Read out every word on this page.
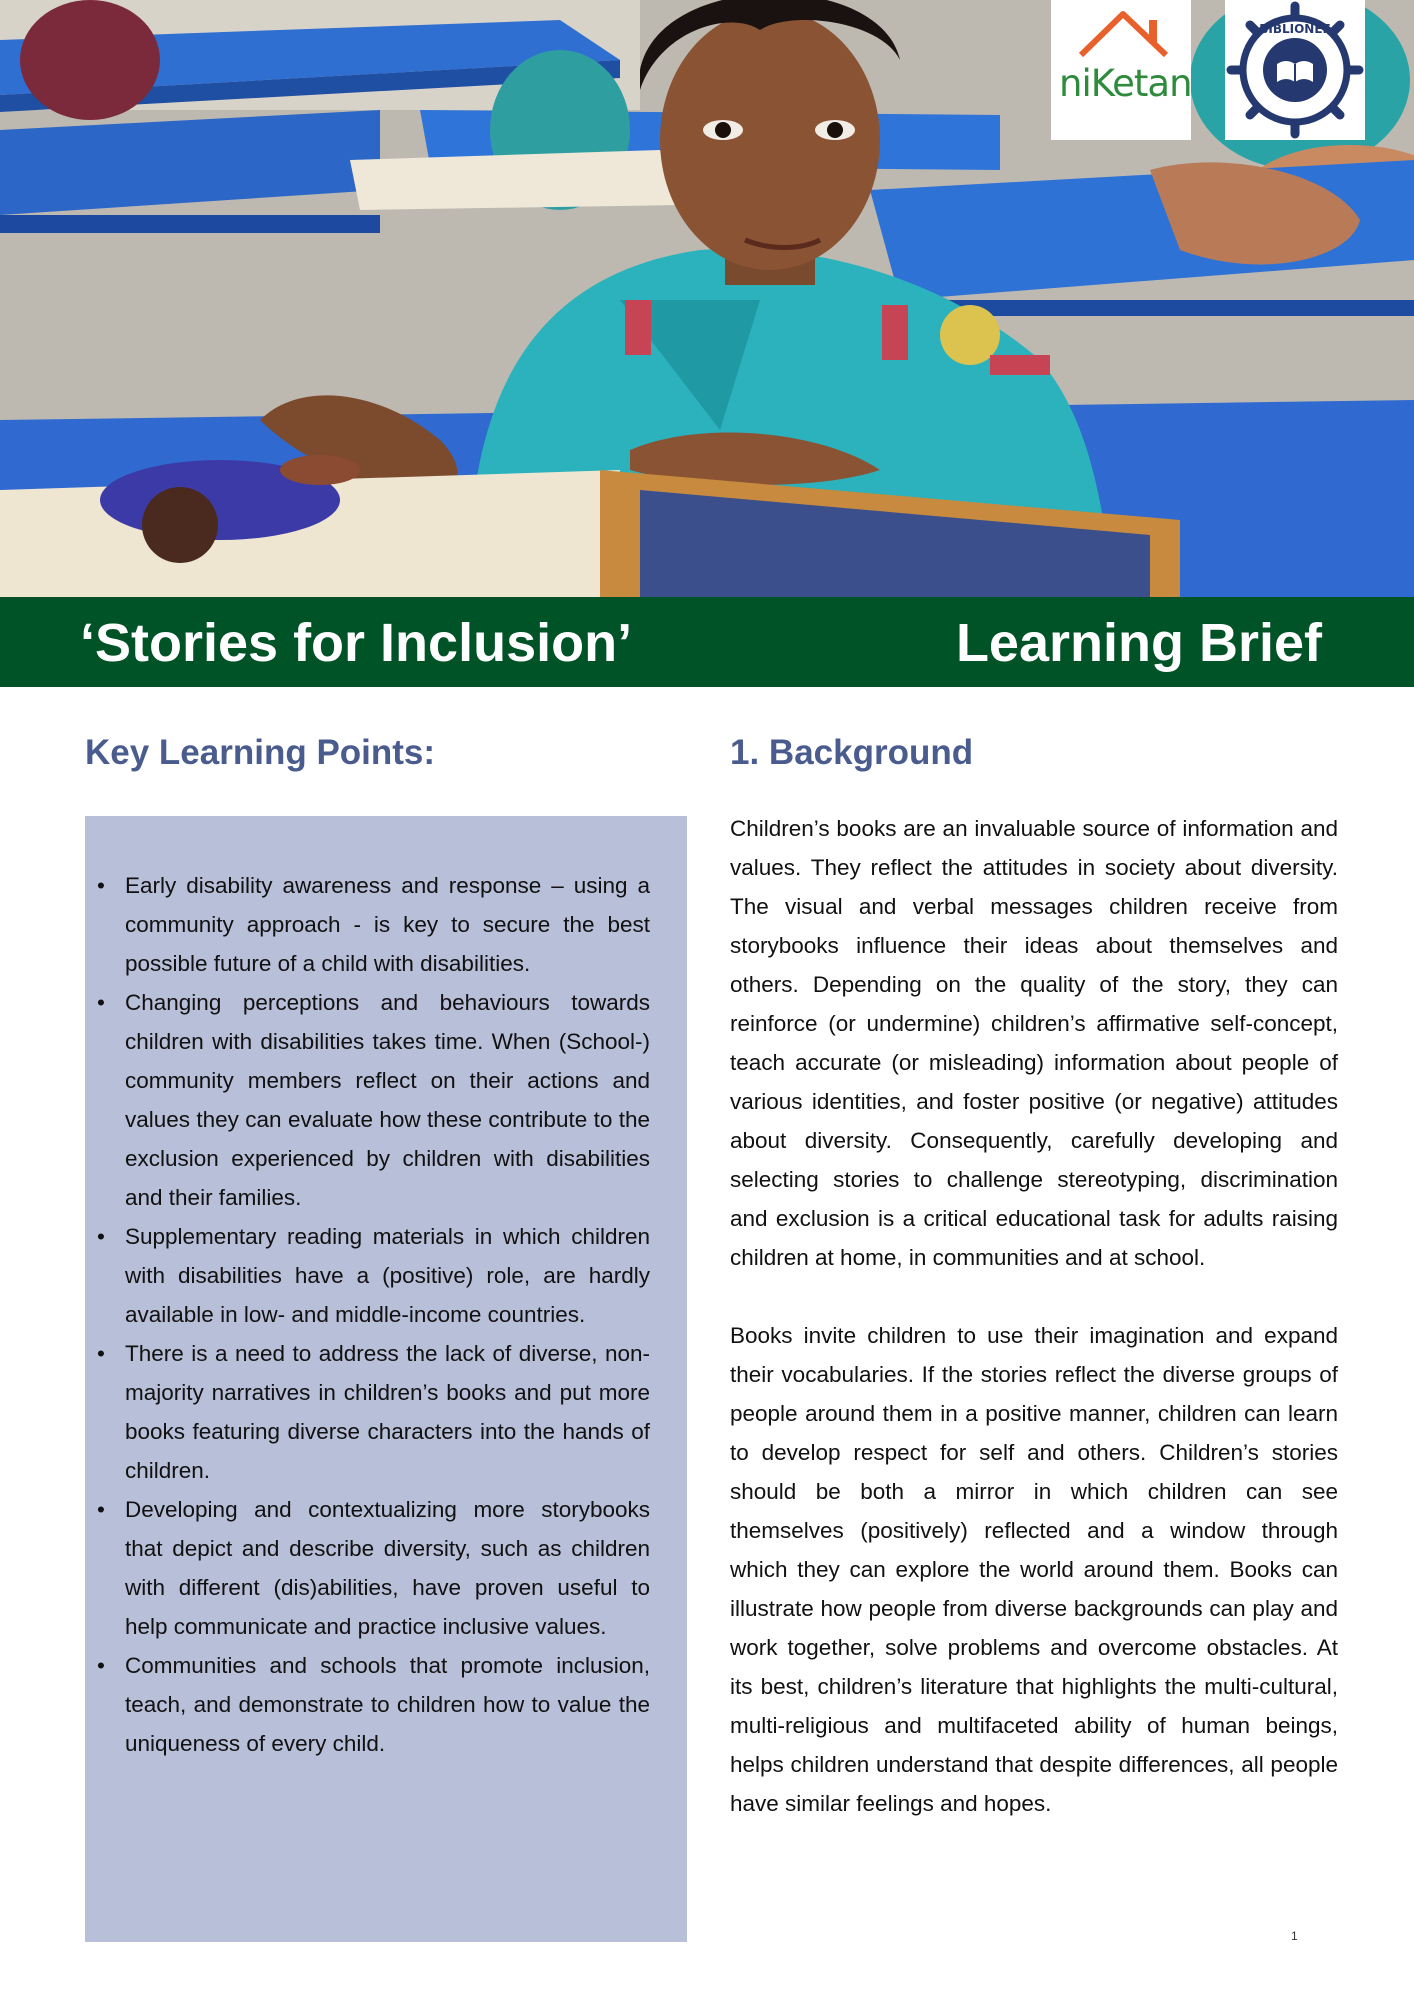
niKetan
BIBLIONEF
‘Stories for Inclusion’	Learning Brief
Key Learning Points:
• Early disability awareness and response – using a community approach - is key to secure the best possible future of a child with disabilities.
• Changing perceptions and behaviours towards children with disabilities takes time. When (School-) community members reflect on their actions and values they can evaluate how these contribute to the exclusion experienced by children with disabilities and their families.
• Supplementary reading materials in which children with disabilities have a (positive) role, are hardly available in low- and middle-income countries.
• There is a need to address the lack of diverse, non-majority narratives in children’s books and put more books featuring diverse characters into the hands of children.
• Developing and contextualizing more storybooks that depict and describe diversity, such as children with different (dis)abilities, have proven useful to help communicate and practice inclusive values.
• Communities and schools that promote inclusion, teach, and demonstrate to children how to value the uniqueness of every child.
1. Background

Children’s books are an invaluable source of information and values. They reflect the attitudes in society about diversity. The visual and verbal messages children receive from storybooks influence their ideas about themselves and others. Depending on the quality of the story, they can reinforce (or undermine) children’s affirmative self-concept, teach accurate (or misleading) information about people of various identities, and foster positive (or negative) attitudes about diversity. Consequently, carefully developing and selecting stories to challenge stereotyping, discrimination and exclusion is a critical educational task for adults raising children at home, in communities and at school.

Books invite children to use their imagination and expand their vocabularies. If the stories reflect the diverse groups of people around them in a positive manner, children can learn to develop respect for self and others. Children’s stories should be both a mirror in which children can see themselves (positively) reflected and a window through which they can explore the world around them. Books can illustrate how people from diverse backgrounds can play and work together, solve problems and overcome obstacles. At its best, children’s literature that highlights the multi-cultural, multi-religious and multifaceted ability of human beings, helps children understand that despite differences, all people have similar feelings and hopes.

1
